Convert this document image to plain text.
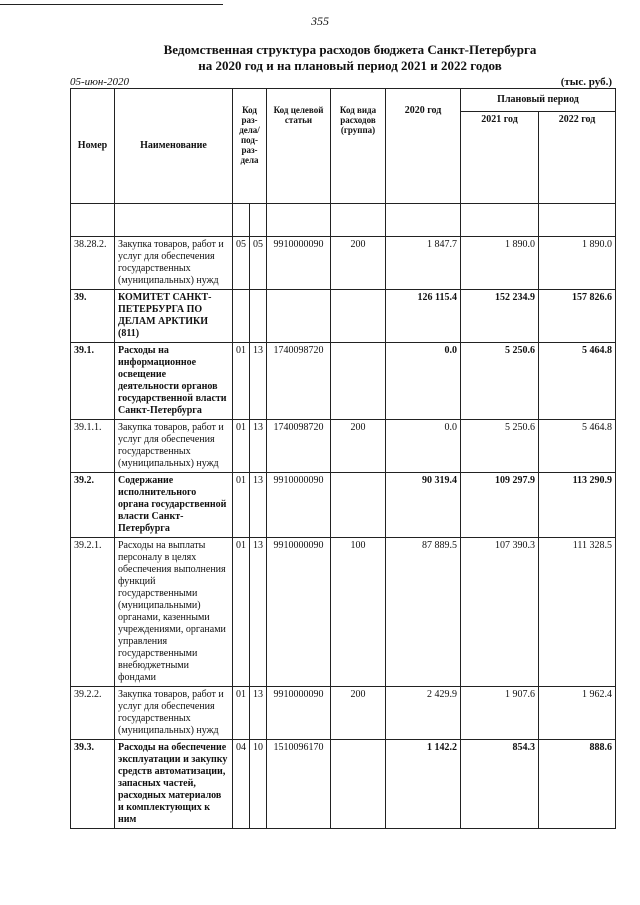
355
Ведомственная структура расходов бюджета Санкт-Петербурга
на 2020 год и на плановый период 2021 и 2022 годов
05-июн-2020	(тыс. руб.)
Номер	Наименование	Код раз-дела/ под-раз-дела		Код целевой статьи	Код вида расходов (группа)	2020 год	Плановый период	
							2021 год	2022 год

38.28.2.	Закупка товаров, работ и услуг для обеспечения государственных (муниципальных) нужд	05	05	9910000090	200	1 847.7	1 890.0	1 890.0
39.	КОМИТЕТ САНКТ-ПЕТЕРБУРГА ПО ДЕЛАМ АРКТИКИ (811)					126 115.4	152 234.9	157 826.6
39.1.	Расходы на информационное освещение деятельности органов государственной власти Санкт-Петербурга	01	13	1740098720		0.0	5 250.6	5 464.8
39.1.1.	Закупка товаров, работ и услуг для обеспечения государственных (муниципальных) нужд	01	13	1740098720	200	0.0	5 250.6	5 464.8
39.2.	Содержание исполнительного органа государственной власти Санкт-Петербурга	01	13	9910000090		90 319.4	109 297.9	113 290.9
39.2.1.	Расходы на выплаты персоналу в целях обеспечения выполнения функций государственными (муниципальными) органами, казенными учреждениями, органами управления государственными внебюджетными фондами	01	13	9910000090	100	87 889.5	107 390.3	111 328.5
39.2.2.	Закупка товаров, работ и услуг для обеспечения государственных (муниципальных) нужд	01	13	9910000090	200	2 429.9	1 907.6	1 962.4
39.3.	Расходы на обеспечение эксплуатации и закупку средств автоматизации, запасных частей, расходных материалов и комплектующих к ним	04	10	1510096170		1 142.2	854.3	888.6
